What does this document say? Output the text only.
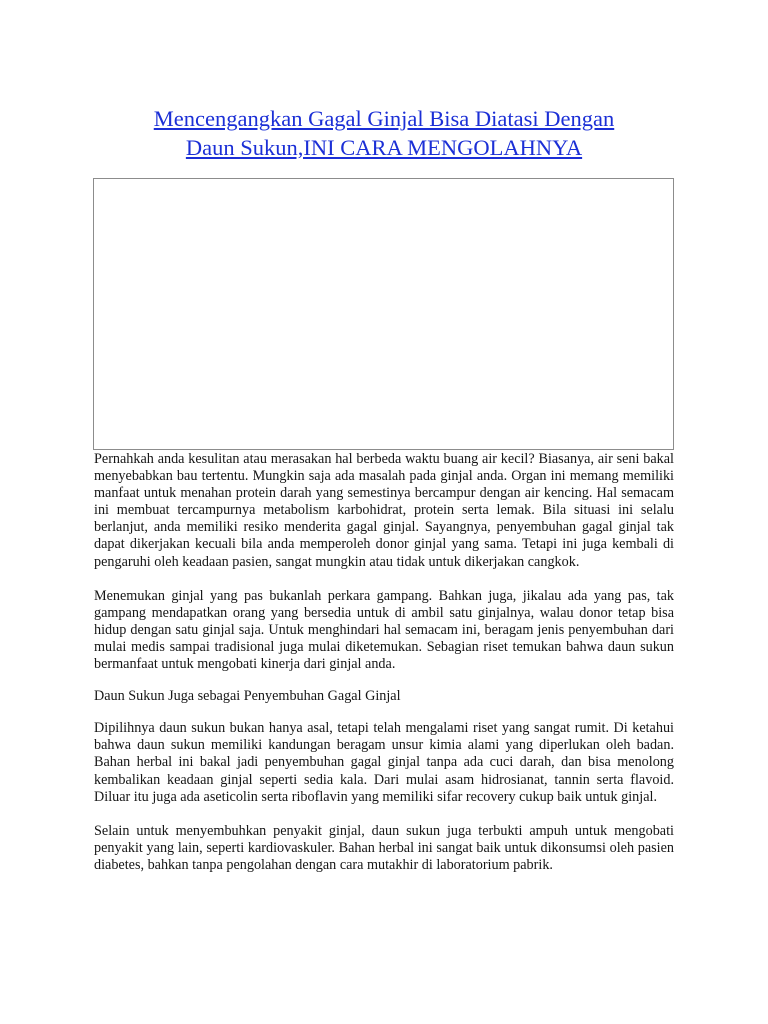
Mencengangkan Gagal Ginjal Bisa Diatasi Dengan
Daun Sukun,INI CARA MENGOLAHNYA

Pernahkah anda kesulitan atau merasakan hal berbeda waktu buang air kecil? Biasanya, air seni bakal menyebabkan bau tertentu. Mungkin saja ada masalah pada ginjal anda. Organ ini memang memiliki manfaat untuk menahan protein darah yang semestinya bercampur dengan air kencing. Hal semacam ini membuat tercampurnya metabolism karbohidrat, protein serta lemak. Bila situasi ini selalu berlanjut, anda memiliki resiko menderita gagal ginjal. Sayangnya, penyembuhan gagal ginjal tak dapat dikerjakan kecuali bila anda memperoleh donor ginjal yang sama. Tetapi ini juga kembali di pengaruhi oleh keadaan pasien, sangat mungkin atau tidak untuk dikerjakan cangkok.

Menemukan ginjal yang pas bukanlah perkara gampang. Bahkan juga, jikalau ada yang pas, tak gampang mendapatkan orang yang bersedia untuk di ambil satu ginjalnya, walau donor tetap bisa hidup dengan satu ginjal saja. Untuk menghindari hal semacam ini, beragam jenis penyembuhan dari mulai medis sampai tradisional juga mulai diketemukan. Sebagian riset temukan bahwa daun sukun bermanfaat untuk mengobati kinerja dari ginjal anda.

Daun Sukun Juga sebagai Penyembuhan Gagal Ginjal

Dipilihnya daun sukun bukan hanya asal, tetapi telah mengalami riset yang sangat rumit. Di ketahui bahwa daun sukun memiliki kandungan beragam unsur kimia alami yang diperlukan oleh badan. Bahan herbal ini bakal jadi penyembuhan gagal ginjal tanpa ada cuci darah, dan bisa menolong kembalikan keadaan ginjal seperti sedia kala. Dari mulai asam hidrosianat, tannin serta flavoid. Diluar itu juga ada aseticolin serta riboflavin yang memiliki sifar recovery cukup baik untuk ginjal.

Selain untuk menyembuhkan penyakit ginjal, daun sukun juga terbukti ampuh untuk mengobati penyakit yang lain, seperti kardiovaskuler. Bahan herbal ini sangat baik untuk dikonsumsi oleh pasien diabetes, bahkan tanpa pengolahan dengan cara mutakhir di laboratorium pabrik.
